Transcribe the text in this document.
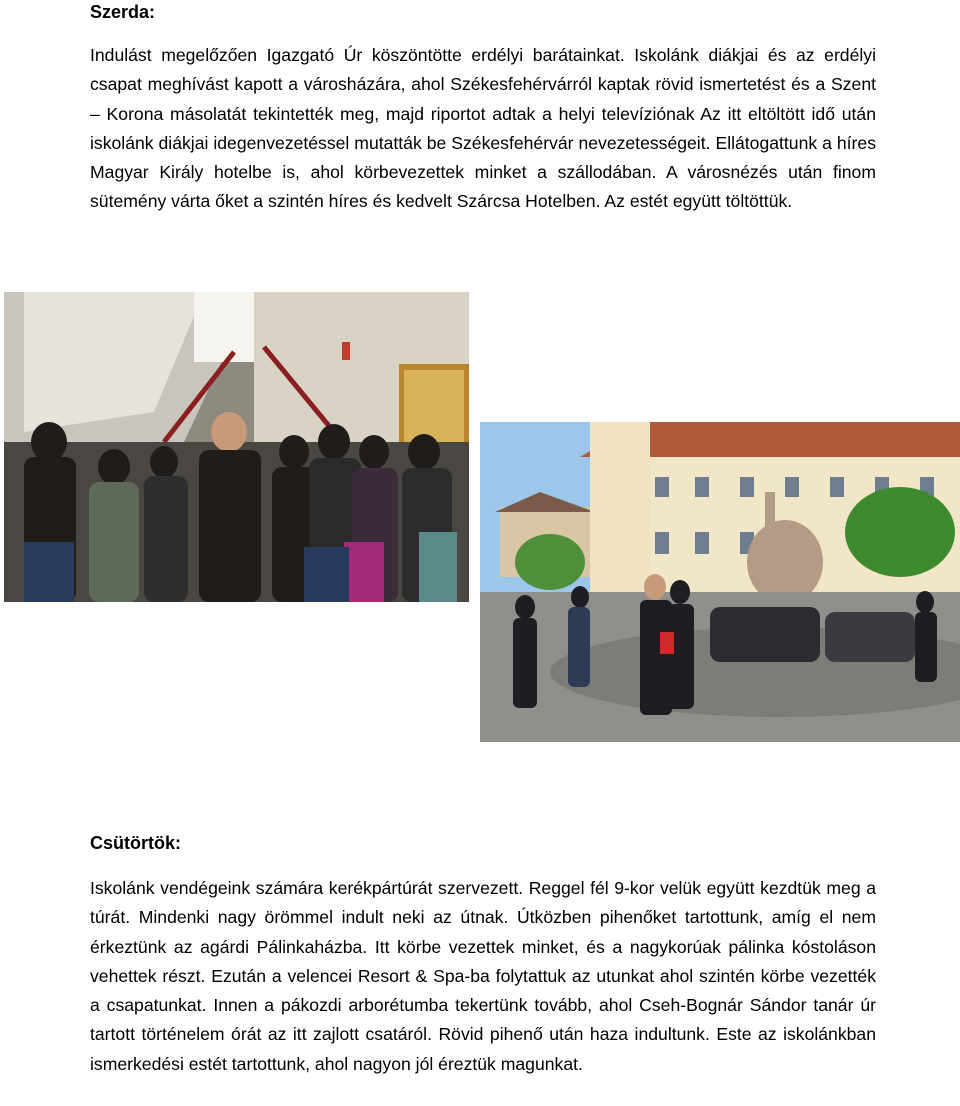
Szerda:

Indulást megelőzően Igazgató Úr köszöntötte erdélyi barátainkat. Iskolánk diákjai és az erdélyi csapat meghívást kapott a városházára, ahol Székesfehérvárról kaptak rövid ismertetést és a Szent – Korona másolatát tekintették meg, majd riportot adtak a helyi televíziónak Az itt eltöltött idő után iskolánk diákjai idegenvezetéssel mutatták be Székesfehérvár nevezetességeit. Ellátogattunk a híres Magyar Király hotelbe is, ahol körbevezettek minket a szállodában. A városnézés után finom sütemény várta őket a szintén híres és kedvelt Szárcsa Hotelben. Az estét együtt töltöttük.

Csütörtök:

Iskolánk vendégeink számára kerékpártúrát szervezett. Reggel fél 9-kor velük együtt kezdtük meg a túrát. Mindenki nagy örömmel indult neki az útnak. Útközben pihenőket tartottunk, amíg el nem érkeztünk az agárdi Pálinkaházba. Itt körbe vezettek minket, és a nagykorúak pálinka kóstoláson vehettek részt. Ezután a velencei Resort & Spa-ba folytattuk az utunkat ahol szintén körbe vezették a csapatunkat. Innen a pákozdi arborétumba tekertünk tovább, ahol Cseh-Bognár Sándor tanár úr tartott történelem órát az itt zajlott csatáról. Rövid pihenő után haza indultunk. Este az iskolánkban ismerkedési estét tartottunk, ahol nagyon jól éreztük magunkat.
